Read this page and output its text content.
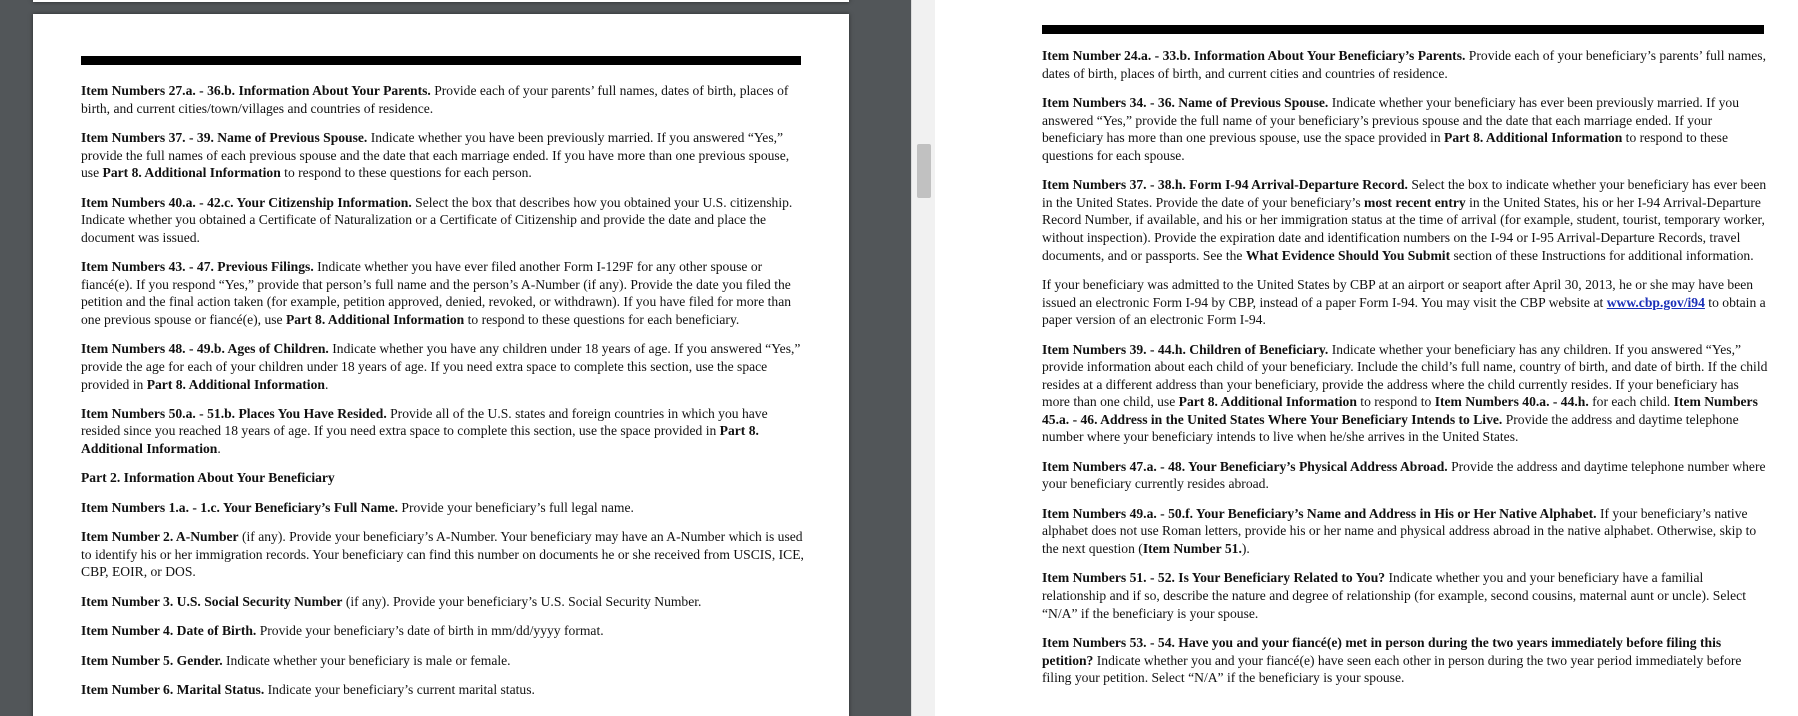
Item Numbers 27.a. - 36.b. Information About Your Parents. Provide each of your parents’ full names, dates of birth, places of birth, and current cities/town/villages and countries of residence.

Item Numbers 37. - 39. Name of Previous Spouse. Indicate whether you have been previously married. If you answered “Yes,” provide the full names of each previous spouse and the date that each marriage ended. If you have more than one previous spouse, use Part 8. Additional Information to respond to these questions for each person.

Item Numbers 40.a. - 42.c. Your Citizenship Information. Select the box that describes how you obtained your U.S. citizenship. Indicate whether you obtained a Certificate of Naturalization or a Certificate of Citizenship and provide the date and place the document was issued.

Item Numbers 43. - 47. Previous Filings. Indicate whether you have ever filed another Form I-129F for any other spouse or fiancé(e). If you respond “Yes,” provide that person’s full name and the person’s A-Number (if any). Provide the date you filed the petition and the final action taken (for example, petition approved, denied, revoked, or withdrawn). If you have filed for more than one previous spouse or fiancé(e), use Part 8. Additional Information to respond to these questions for each beneficiary.

Item Numbers 48. - 49.b. Ages of Children. Indicate whether you have any children under 18 years of age. If you answered “Yes,” provide the age for each of your children under 18 years of age. If you need extra space to complete this section, use the space provided in Part 8. Additional Information.

Item Numbers 50.a. - 51.b. Places You Have Resided. Provide all of the U.S. states and foreign countries in which you have resided since you reached 18 years of age. If you need extra space to complete this section, use the space provided in Part 8. Additional Information.

Part 2. Information About Your Beneficiary

Item Numbers 1.a. - 1.c. Your Beneficiary’s Full Name. Provide your beneficiary’s full legal name.

Item Number 2. A-Number (if any). Provide your beneficiary’s A-Number. Your beneficiary may have an A-Number which is used to identify his or her immigration records. Your beneficiary can find this number on documents he or she received from USCIS, ICE, CBP, EOIR, or DOS.

Item Number 3. U.S. Social Security Number (if any). Provide your beneficiary’s U.S. Social Security Number.

Item Number 4. Date of Birth. Provide your beneficiary’s date of birth in mm/dd/yyyy format.

Item Number 5. Gender. Indicate whether your beneficiary is male or female.

Item Number 6. Marital Status. Indicate your beneficiary’s current marital status.

Item Number 24.a. - 33.b. Information About Your Beneficiary’s Parents. Provide each of your beneficiary’s parents’ full names, dates of birth, places of birth, and current cities and countries of residence.

Item Numbers 34. - 36. Name of Previous Spouse. Indicate whether your beneficiary has ever been previously married. If you answered “Yes,” provide the full name of your beneficiary’s previous spouse and the date that each marriage ended. If your beneficiary has more than one previous spouse, use the space provided in Part 8. Additional Information to respond to these questions for each spouse.

Item Numbers 37. - 38.h. Form I-94 Arrival-Departure Record. Select the box to indicate whether your beneficiary has ever been in the United States. Provide the date of your beneficiary’s most recent entry in the United States, his or her I-94 Arrival-Departure Record Number, if available, and his or her immigration status at the time of arrival (for example, student, tourist, temporary worker, without inspection). Provide the expiration date and identification numbers on the I-94 or I-95 Arrival-Departure Records, travel documents, and or passports. See the What Evidence Should You Submit section of these Instructions for additional information.

If your beneficiary was admitted to the United States by CBP at an airport or seaport after April 30, 2013, he or she may have been issued an electronic Form I-94 by CBP, instead of a paper Form I-94. You may visit the CBP website at www.cbp.gov/i94 to obtain a paper version of an electronic Form I-94.

Item Numbers 39. - 44.h. Children of Beneficiary. Indicate whether your beneficiary has any children. If you answered “Yes,” provide information about each child of your beneficiary. Include the child’s full name, country of birth, and date of birth. If the child resides at a different address than your beneficiary, provide the address where the child currently resides. If your beneficiary has more than one child, use Part 8. Additional Information to respond to Item Numbers 40.a. - 44.h. for each child. Item Numbers 45.a. - 46. Address in the United States Where Your Beneficiary Intends to Live. Provide the address and daytime telephone number where your beneficiary intends to live when he/she arrives in the United States.

Item Numbers 47.a. - 48. Your Beneficiary’s Physical Address Abroad. Provide the address and daytime telephone number where your beneficiary currently resides abroad.

Item Numbers 49.a. - 50.f. Your Beneficiary’s Name and Address in His or Her Native Alphabet. If your beneficiary’s native alphabet does not use Roman letters, provide his or her name and physical address abroad in the native alphabet. Otherwise, skip to the next question (Item Number 51.).

Item Numbers 51. - 52. Is Your Beneficiary Related to You? Indicate whether you and your beneficiary have a familial relationship and if so, describe the nature and degree of relationship (for example, second cousins, maternal aunt or uncle). Select “N/A” if the beneficiary is your spouse.

Item Numbers 53. - 54. Have you and your fiancé(e) met in person during the two years immediately before filing this petition? Indicate whether you and your fiancé(e) have seen each other in person during the two year period immediately before filing your petition. Select “N/A” if the beneficiary is your spouse.
